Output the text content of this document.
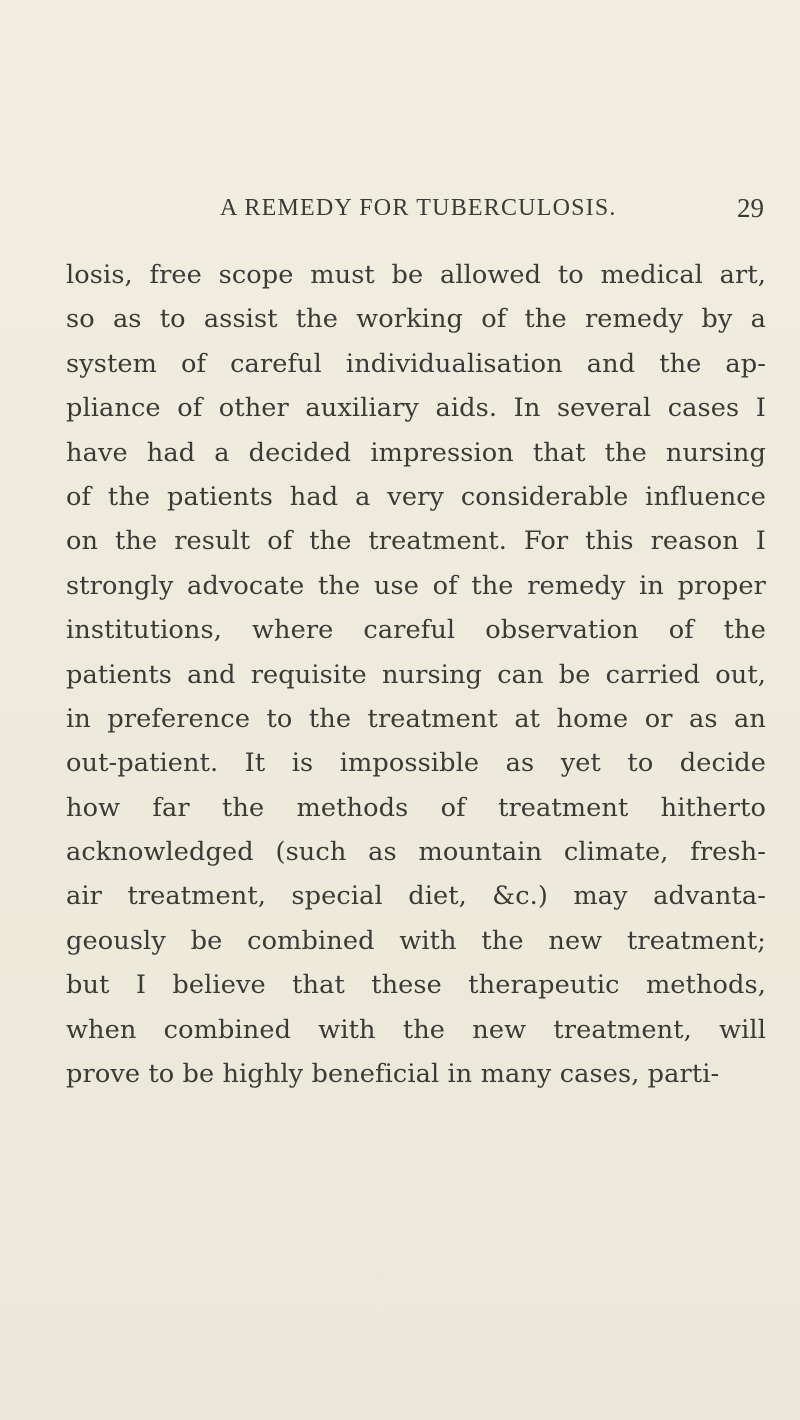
A REMEDY FOR TUBERCULOSIS.	29
losis, free scope must be allowed to medical art,
so as to assist the working of the remedy by a
system of careful individualisation and the ap-
pliance of other auxiliary aids. In several cases I
have had a decided impression that the nursing
of the patients had a very considerable influence
on the result of the treatment. For this reason I
strongly advocate the use of the remedy in proper
institutions, where careful observation of the
patients and requisite nursing can be carried out,
in preference to the treatment at home or as an
out-patient. It is impossible as yet to decide
how far the methods of treatment hitherto
acknowledged (such as mountain climate, fresh-
air treatment, special diet, &c.) may advanta-
geously be combined with the new treatment;
but I believe that these therapeutic methods,
when combined with the new treatment, will
prove to be highly beneficial in many cases, parti-
